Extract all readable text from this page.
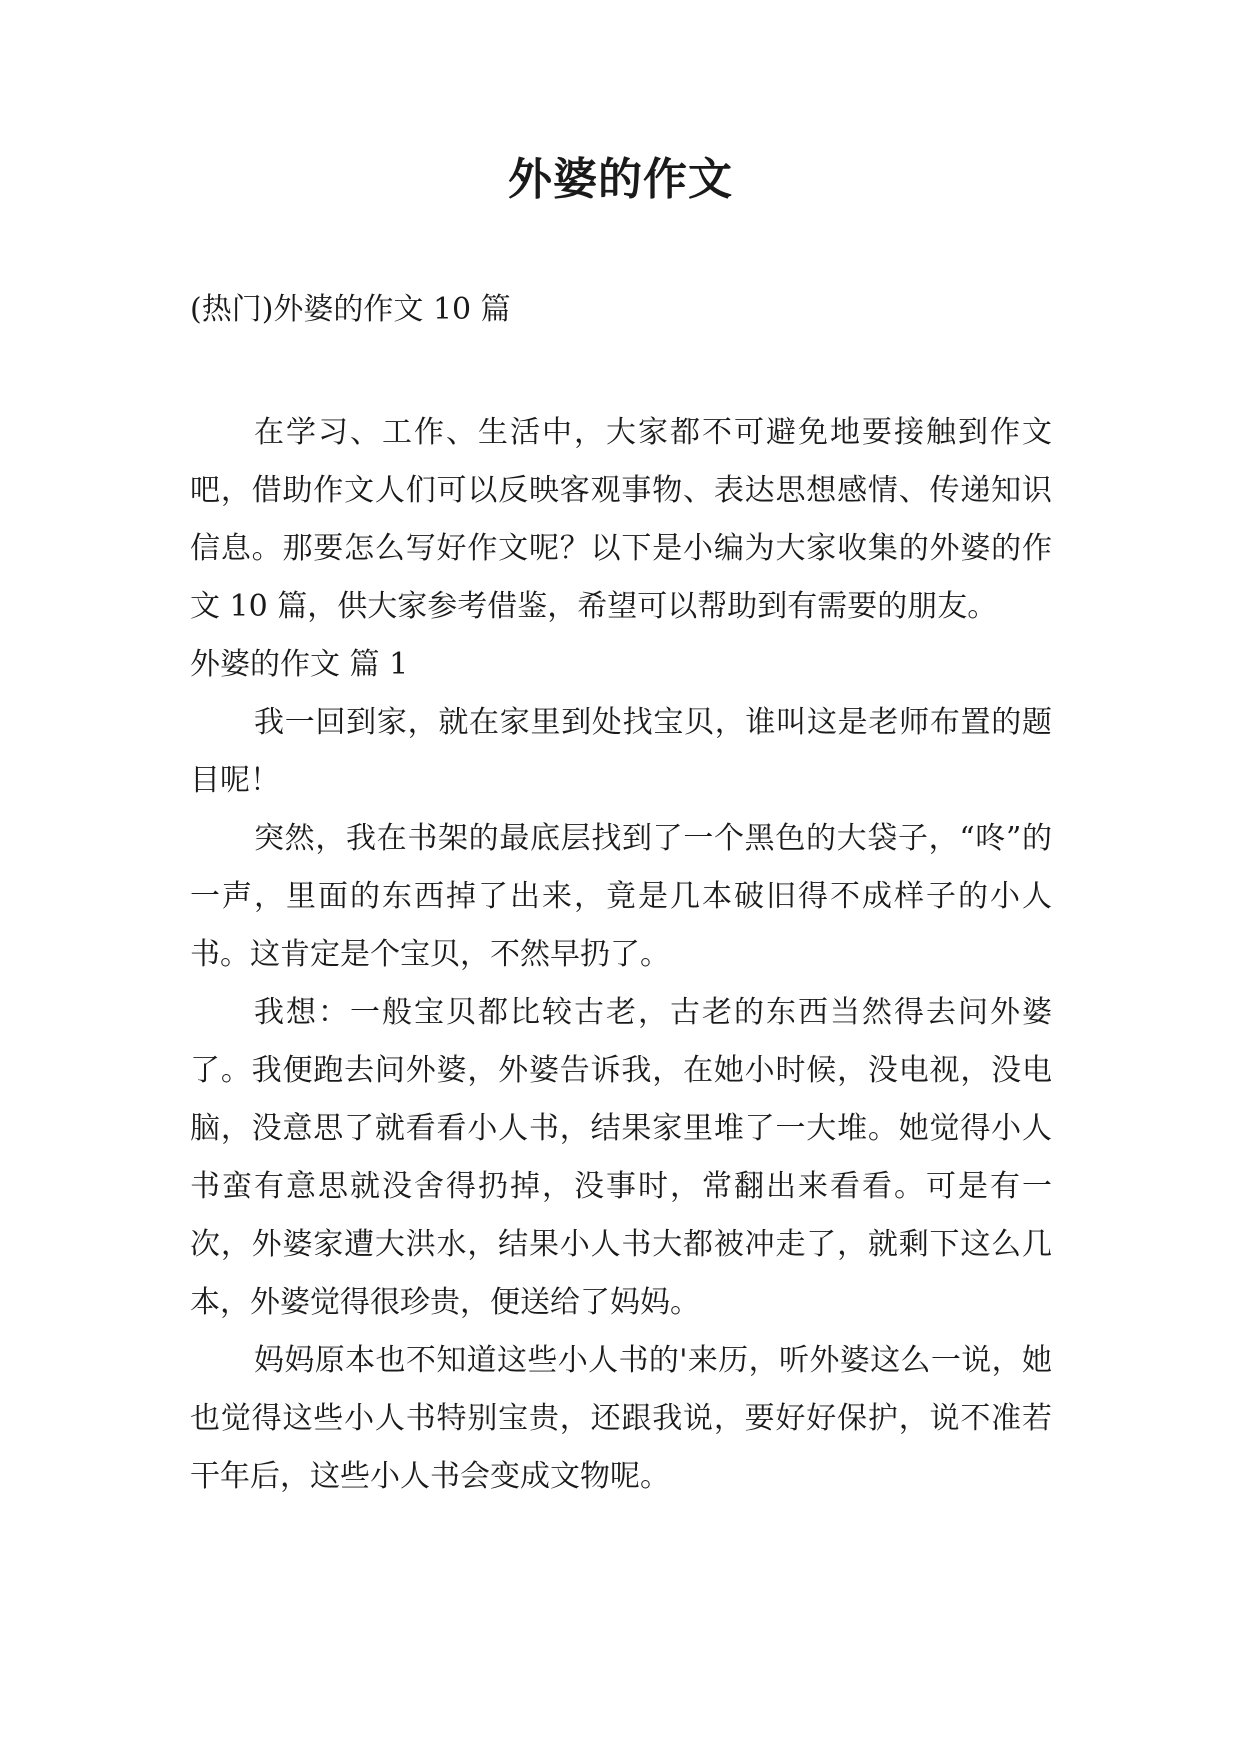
外婆的作文
(热门)外婆的作文 10 篇

在学习、工作、生活中，大家都不可避免地要接触到作文吧，借助作文人们可以反映客观事物、表达思想感情、传递知识信息。那要怎么写好作文呢？以下是小编为大家收集的外婆的作文 10 篇，供大家参考借鉴，希望可以帮助到有需要的朋友。

外婆的作文 篇 1

我一回到家，就在家里到处找宝贝，谁叫这是老师布置的题目呢！

突然，我在书架的最底层找到了一个黑色的大袋子，“咚”的一声，里面的东西掉了出来，竟是几本破旧得不成样子的小人书。这肯定是个宝贝，不然早扔了。

我想：一般宝贝都比较古老，古老的东西当然得去问外婆了。我便跑去问外婆，外婆告诉我，在她小时候，没电视，没电脑，没意思了就看看小人书，结果家里堆了一大堆。她觉得小人书蛮有意思就没舍得扔掉，没事时，常翻出来看看。可是有一次，外婆家遭大洪水，结果小人书大都被冲走了，就剩下这么几本，外婆觉得很珍贵，便送给了妈妈。

妈妈原本也不知道这些小人书的'来历，听外婆这么一说，她也觉得这些小人书特别宝贵，还跟我说，要好好保护，说不准若干年后，这些小人书会变成文物呢。
